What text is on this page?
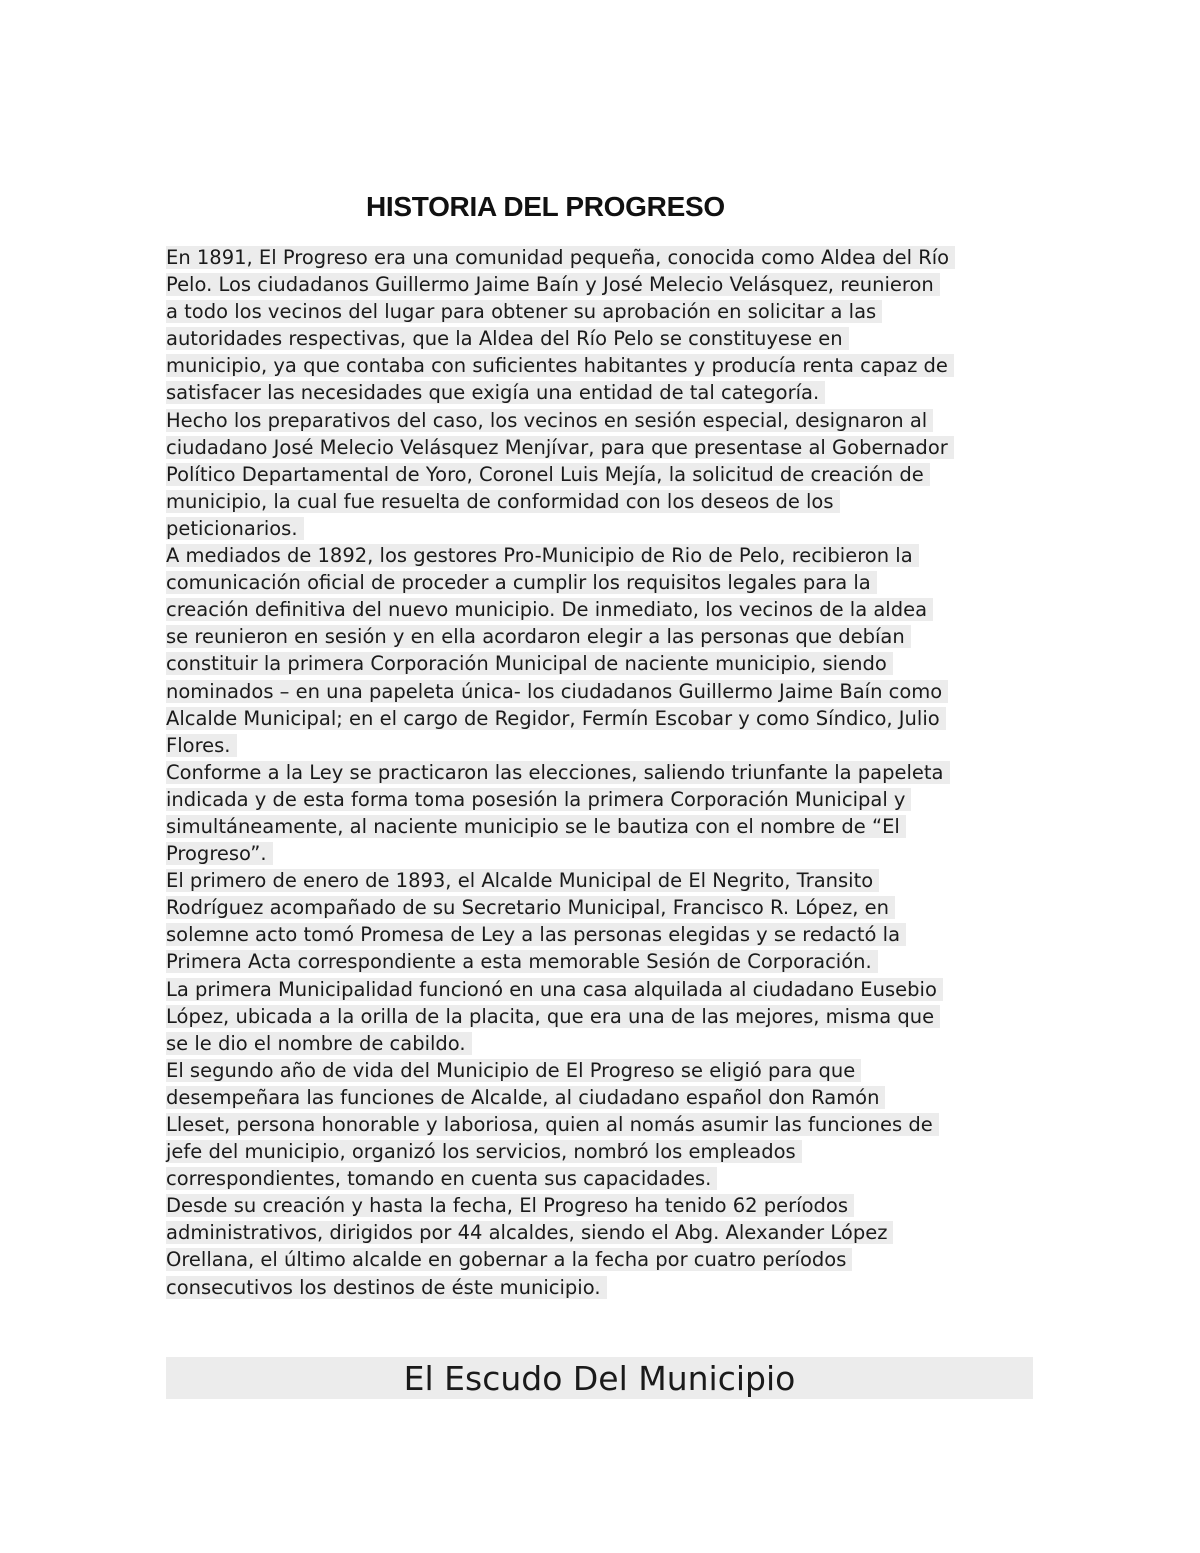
HISTORIA DEL PROGRESO
En 1891, El Progreso era una comunidad pequeña, conocida como Aldea del Río
Pelo. Los ciudadanos Guillermo Jaime Baín y José Melecio Velásquez, reunieron
a todo los vecinos del lugar para obtener su aprobación en solicitar a las
autoridades respectivas, que la Aldea del Río Pelo se constituyese en
municipio, ya que contaba con suficientes habitantes y producía renta capaz de
satisfacer las necesidades que exigía una entidad de tal categoría.
Hecho los preparativos del caso, los vecinos en sesión especial, designaron al
ciudadano José Melecio Velásquez Menjívar, para que presentase al Gobernador
Político Departamental de Yoro, Coronel Luis Mejía, la solicitud de creación de
municipio, la cual fue resuelta de conformidad con los deseos de los
peticionarios.
A mediados de 1892, los gestores Pro-Municipio de Rio de Pelo, recibieron la
comunicación oficial de proceder a cumplir los requisitos legales para la
creación definitiva del nuevo municipio. De inmediato, los vecinos de la aldea
se reunieron en sesión y en ella acordaron elegir a las personas que debían
constituir la primera Corporación Municipal de naciente municipio, siendo
nominados – en una papeleta única- los ciudadanos Guillermo Jaime Baín como
Alcalde Municipal; en el cargo de Regidor, Fermín Escobar y como Síndico, Julio
Flores.
Conforme a la Ley se practicaron las elecciones, saliendo triunfante la papeleta
indicada y de esta forma toma posesión la primera Corporación Municipal y
simultáneamente, al naciente municipio se le bautiza con el nombre de “El
Progreso”.
El primero de enero de 1893, el Alcalde Municipal de El Negrito, Transito
Rodríguez acompañado de su Secretario Municipal, Francisco R. López, en
solemne acto tomó Promesa de Ley a las personas elegidas y se redactó la
Primera Acta correspondiente a esta memorable Sesión de Corporación.
La primera Municipalidad funcionó en una casa alquilada al ciudadano Eusebio
López, ubicada a la orilla de la placita, que era una de las mejores, misma que
se le dio el nombre de cabildo.
El segundo año de vida del Municipio de El Progreso se eligió para que
desempeñara las funciones de Alcalde, al ciudadano español don Ramón
Lleset, persona honorable y laboriosa, quien al nomás asumir las funciones de
jefe del municipio, organizó los servicios, nombró los empleados
correspondientes, tomando en cuenta sus capacidades.
Desde su creación y hasta la fecha, El Progreso ha tenido 62 períodos
administrativos, dirigidos por 44 alcaldes, siendo el Abg. Alexander López
Orellana, el último alcalde en gobernar a la fecha por cuatro períodos
consecutivos los destinos de éste municipio.
El Escudo Del Municipio
